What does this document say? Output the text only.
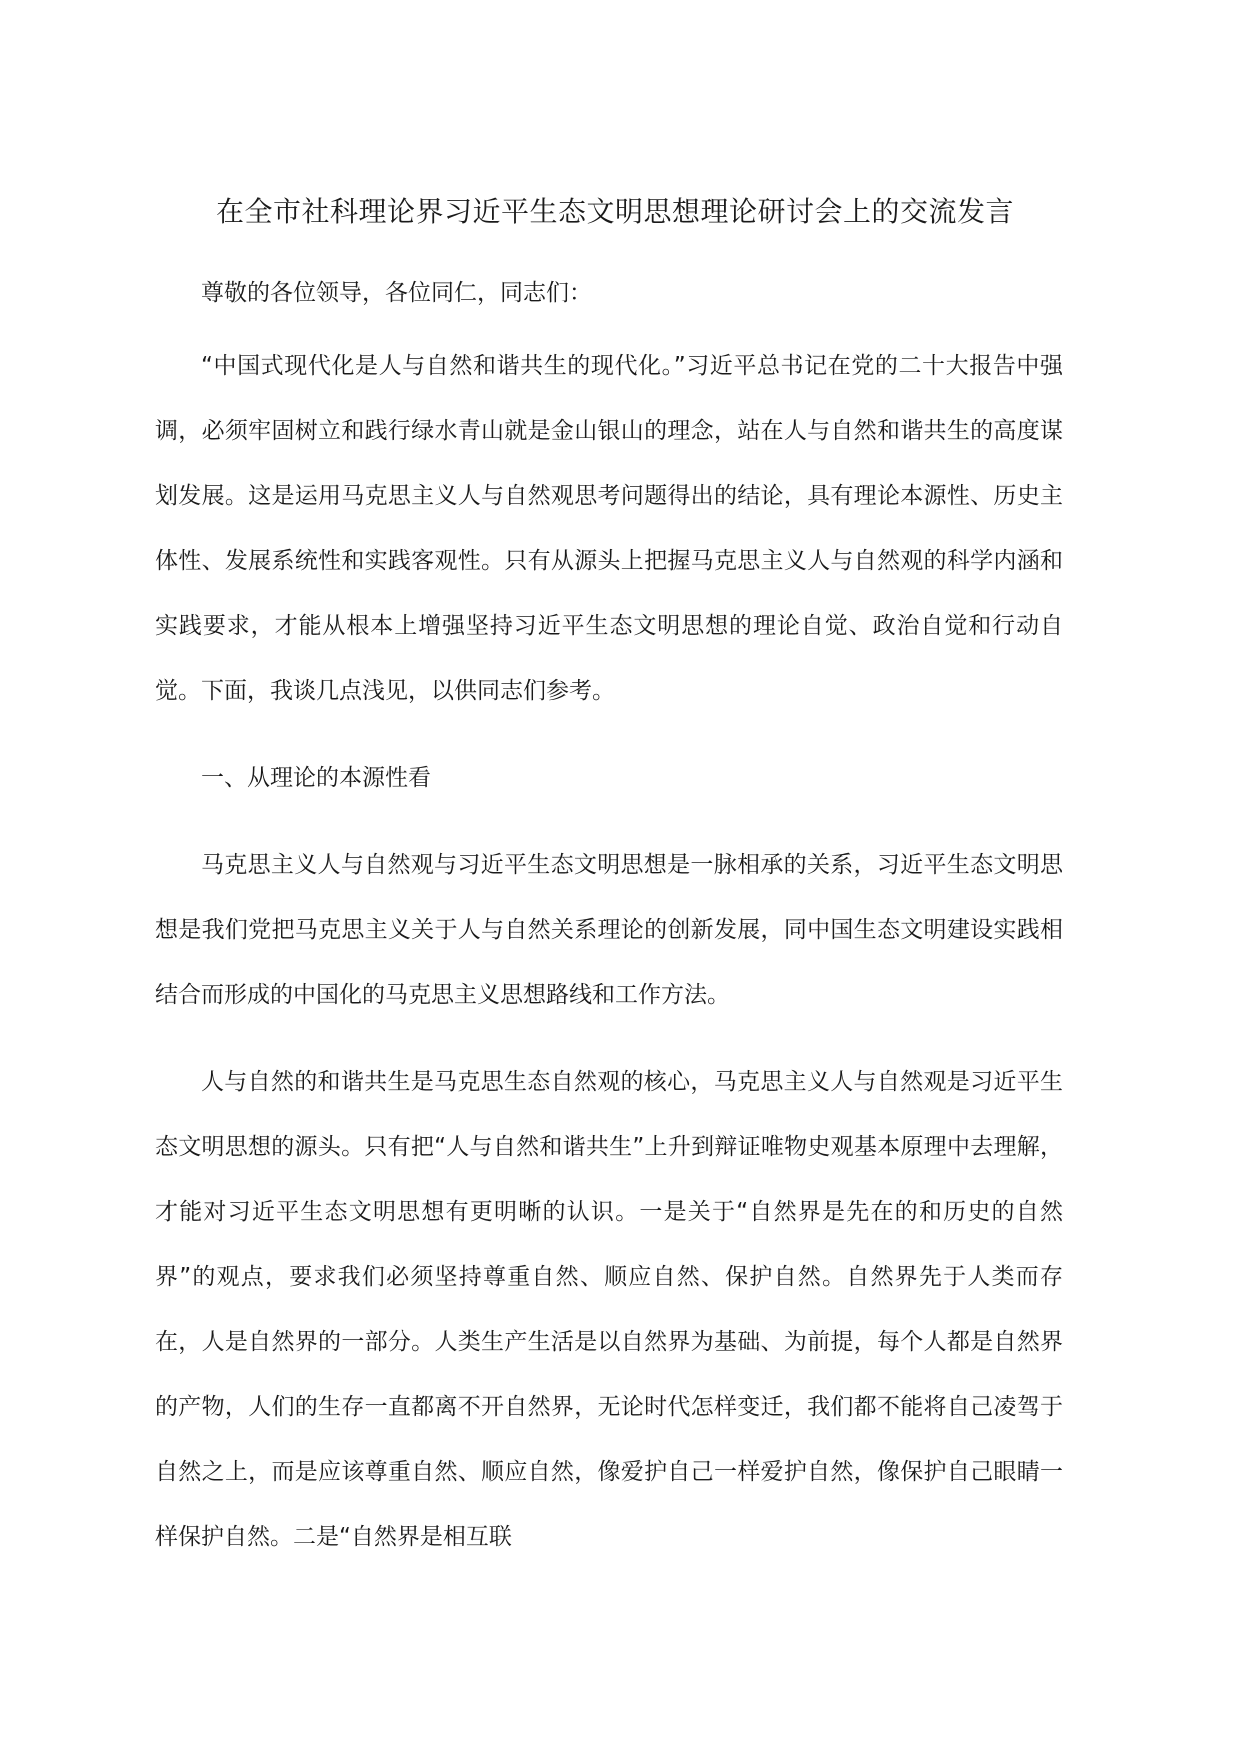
在全市社科理论界习近平生态文明思想理论研讨会上的交流发言

尊敬的各位领导，各位同仁，同志们：

“中国式现代化是人与自然和谐共生的现代化。”习近平总书记在党的二十大报告中强调，必须牢固树立和践行绿水青山就是金山银山的理念，站在人与自然和谐共生的高度谋划发展。这是运用马克思主义人与自然观思考问题得出的结论，具有理论本源性、历史主体性、发展系统性和实践客观性。只有从源头上把握马克思主义人与自然观的科学内涵和实践要求，才能从根本上增强坚持习近平生态文明思想的理论自觉、政治自觉和行动自觉。下面，我谈几点浅见，以供同志们参考。

一、从理论的本源性看

马克思主义人与自然观与习近平生态文明思想是一脉相承的关系，习近平生态文明思想是我们党把马克思主义关于人与自然关系理论的创新发展，同中国生态文明建设实践相结合而形成的中国化的马克思主义思想路线和工作方法。

人与自然的和谐共生是马克思生态自然观的核心，马克思主义人与自然观是习近平生态文明思想的源头。只有把“人与自然和谐共生”上升到辩证唯物史观基本原理中去理解，才能对习近平生态文明思想有更明晰的认识。一是关于“自然界是先在的和历史的自然界”的观点，要求我们必须坚持尊重自然、顺应自然、保护自然。自然界先于人类而存在，人是自然界的一部分。人类生产生活是以自然界为基础、为前提，每个人都是自然界的产物，人们的生存一直都离不开自然界，无论时代怎样变迁，我们都不能将自己凌驾于自然之上，而是应该尊重自然、顺应自然，像爱护自己一样爱护自然，像保护自己眼睛一样保护自然。二是“自然界是相互联
